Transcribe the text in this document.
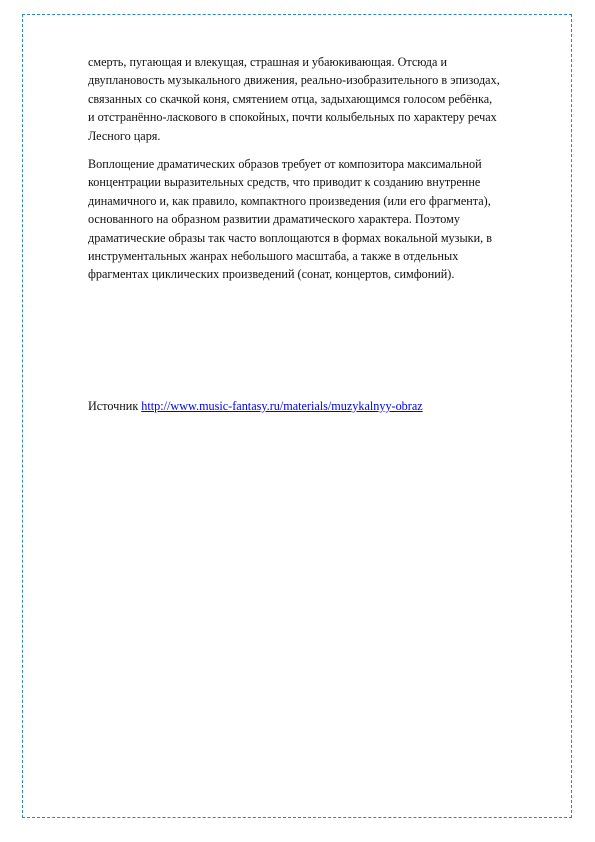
смерть, пугающая и влекущая, страшная и убаюкивающая. Отсюда и
двуплановость музыкального движения, реально-изобразительного в эпизодах,
связанных со скачкой коня, смятением отца, задыхающимся голосом ребёнка,
и отстранённо-ласкового в спокойных, почти колыбельных по характеру речах
Лесного царя.

Воплощение драматических образов требует от композитора максимальной
концентрации выразительных средств, что приводит к созданию внутренне
динамичного и, как правило, компактного произведения (или его фрагмента),
основанного на образном развитии драматического характера. Поэтому
драматические образы так часто воплощаются в формах вокальной музыки, в
инструментальных жанрах небольшого масштаба, а также в отдельных
фрагментах циклических произведений (сонат, концертов, симфоний).

Источник http://www.music-fantasy.ru/materials/muzykalnyy-obraz
